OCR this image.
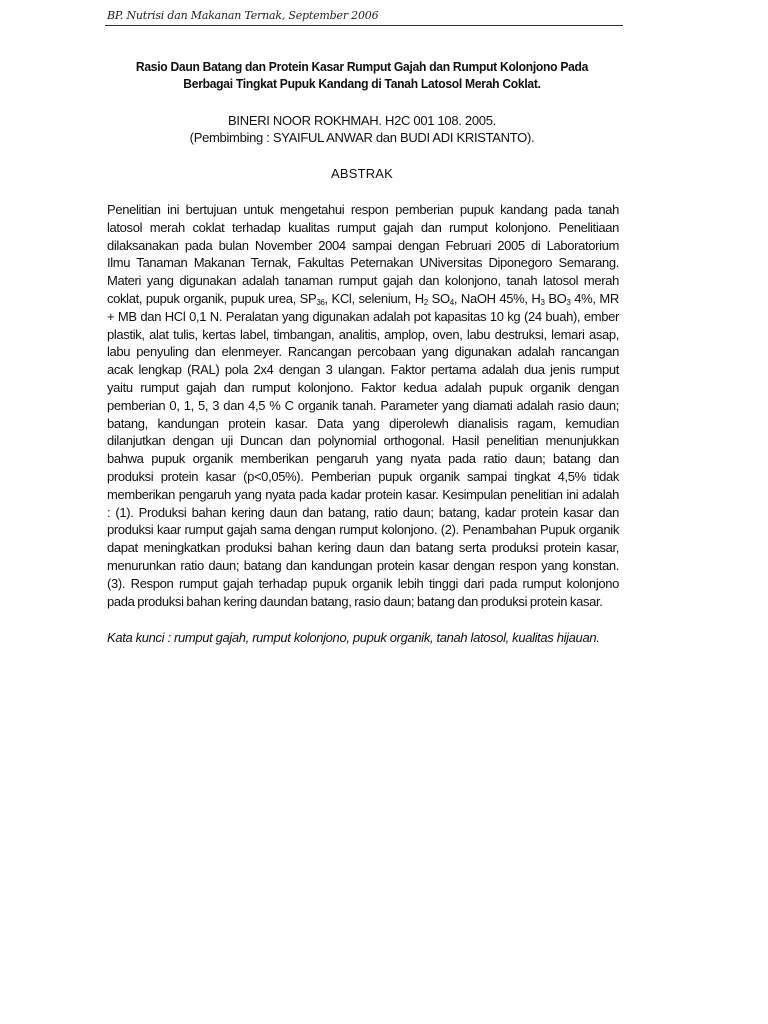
BP. Nutrisi dan Makanan Ternak, September 2006
Rasio Daun Batang dan Protein Kasar Rumput Gajah dan Rumput Kolonjono Pada
Berbagai Tingkat Pupuk Kandang di Tanah Latosol Merah Coklat.
BINERI NOOR ROKHMAH. H2C 001 108. 2005.
(Pembimbing : SYAIFUL ANWAR dan BUDI ADI KRISTANTO).
ABSTRAK
Penelitian ini bertujuan untuk mengetahui respon pemberian pupuk kandang pada tanah
latosol merah coklat terhadap kualitas rumput gajah dan rumput kolonjono. Penelitiaan
dilaksanakan pada bulan November 2004 sampai dengan Februari 2005 di Laboratorium
Ilmu Tanaman Makanan Ternak, Fakultas Peternakan UNiversitas Diponegoro Semarang.
Materi yang digunakan adalah tanaman rumput gajah dan kolonjono, tanah latosol merah
coklat, pupuk organik, pupuk urea, $SP_{36}$, KCl, selenium, $H_2$ $SO_4$, NaOH 45%, $H_3$ $BO_3$ 4%, MR
+ MB dan HCl 0,1 N. Peralatan yang digunakan adalah pot kapasitas 10 kg (24 buah), ember
plastik, alat tulis, kertas label, timbangan, analitis, amplop, oven, labu destruksi, lemari asap,
labu penyuling dan elenmeyer. Rancangan percobaan yang digunakan adalah rancangan
acak lengkap (RAL) pola 2x4 dengan 3 ulangan. Faktor pertama adalah dua jenis rumput
yaitu rumput gajah dan rumput kolonjono. Faktor kedua adalah pupuk organik dengan
pemberian 0, 1, 5, 3 dan 4,5 % C organik tanah. Parameter yang diamati adalah rasio daun;
batang, kandungan protein kasar. Data yang diperolewh dianalisis ragam, kemudian
dilanjutkan dengan uji Duncan dan polynomial orthogonal. Hasil penelitian menunjukkan
bahwa pupuk organik memberikan pengaruh yang nyata pada ratio daun; batang dan
produksi protein kasar (p<0,05%). Pemberian pupuk organik sampai tingkat 4,5% tidak
memberikan pengaruh yang nyata pada kadar protein kasar. Kesimpulan penelitian ini adalah
: (1). Produksi bahan kering daun dan batang, ratio daun; batang, kadar protein kasar dan
produksi kaar rumput gajah sama dengan rumput kolonjono. (2). Penambahan Pupuk organik
dapat meningkatkan produksi bahan kering daun dan batang serta produksi protein kasar,
menurunkan ratio daun; batang dan kandungan protein kasar dengan respon yang konstan.
(3). Respon rumput gajah terhadap pupuk organik lebih tinggi dari pada rumput kolonjono
pada produksi bahan kering daundan batang, rasio daun; batang dan produksi protein kasar.
Kata kunci : rumput gajah, rumput kolonjono, pupuk organik, tanah latosol, kualitas hijauan.
